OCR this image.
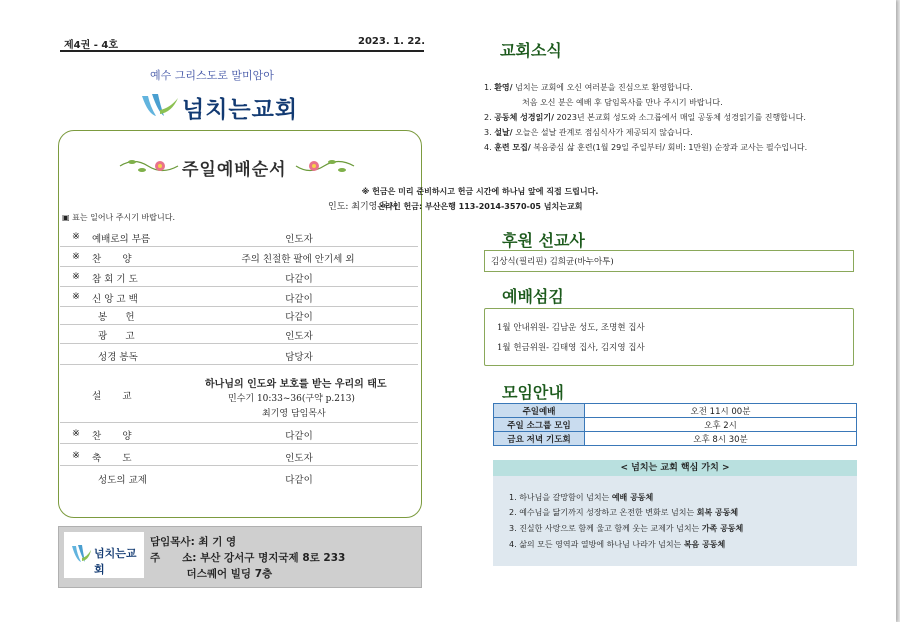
제4권 - 4호	2023. 1. 22.
예수 그리스도로 말미암아
넘치는교회
주일예배순서
인도: 최기영 목사
▣ 표는 일어나 주시기 바랍니다.
※ 예배로의 부름	인도자
※ 찬       양	주의 친절한 팔에 안기세 외
※ 참 회 기 도	다같이
※ 신 앙 고 백	다같이
봉      헌	다같이
광      고	인도자
성경 봉독	담당자
설       교
하나님의 인도와 보호를 받는 우리의 태도
민수기 10:33~36(구약 p.213)
최기영 담임목사
※ 찬       양	다같이
※ 축       도	인도자
성도의 교제	다같이
넘치는교회
담임목사: 최 기 영
주      소: 부산 강서구 명지국제 8로 233
더스퀘어 빌딩 7층
교회소식
1. 환영/ 넘치는 교회에 오신 여러분을 진심으로 환영합니다.
처음 오신 분은 예배 후 담임목사를 만나 주시기 바랍니다.
2. 공동체 성경읽기/ 2023년 본교회 성도와 소그룹에서 매일 공동체 성경읽기를 진행합니다.
3. 설날/ 오늘은 설날 관계로 점심식사가 제공되지 않습니다.
4. 훈련 모집/ 복음중심 삶 훈련(1월 29일 주일부터/ 회비: 1만원) 순장과 교사는 필수입니다.
※ 헌금은 미리 준비하시고 헌금 시간에 하나님 앞에 직접 드립니다.
온라인 헌금: 부산은행 113-2014-3570-05 넘치는교회
후원 선교사
김상식(필리핀) 김희균(바누아투)
예배섬김
1월 안내위원- 김남운 성도, 조명현 집사
1월 헌금위원- 김태영 집사, 김지영 집사
모임안내
주일예배	오전 11시 00분
주일 소그룹 모임	오후 2시
금요 저녁 기도회	오후 8시 30분
< 넘치는 교회 핵심 가치 >
1. 하나님을 갈망함이 넘치는 예배 공동체
2. 예수님을 닮기까지 성장하고 온전한 변화로 넘치는 회복 공동체
3. 진실한 사랑으로 함께 울고 함께 웃는 교제가 넘치는 가족 공동체
4. 삶의 모든 영역과 열방에 하나님 나라가 넘치는 복음 공동체
